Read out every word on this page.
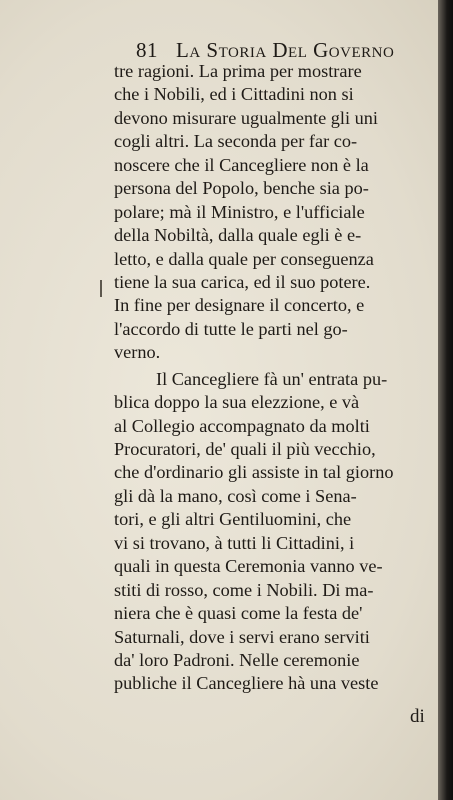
81 La Storia Del Governo
tre ragioni. La prima per mostrare
che i Nobili, ed i Cittadini non si
devono misurare ugualmente gli uni
cogli altri. La seconda per far co-
noscere che il Cancegliere non è la
persona del Popolo, benche sia po-
polare; mà il Ministro, e l'ufficiale
della Nobiltà, dalla quale egli è e-
letto, e dalla quale per conseguenza
tiene la sua carica, ed il suo potere.
In fine per designare il concerto, e
l'accordo di tutte le parti nel go-
verno.
Il Cancegliere fà un' entrata pu-
blica doppo la sua elezzione, e và
al Collegio accompagnato da molti
Procuratori, de' quali il più vecchio,
che d'ordinario gli assiste in tal giorno
gli dà la mano, così come i Sena-
tori, e gli altri Gentiluomini, che
vi si trovano, à tutti li Cittadini, i
quali in questa Ceremonia vanno ve-
stiti di rosso, come i Nobili. Di ma-
niera che è quasi come la festa de'
Saturnali, dove i servi erano serviti
da' loro Padroni. Nelle ceremonie
publiche il Cancegliere hà una veste
di
